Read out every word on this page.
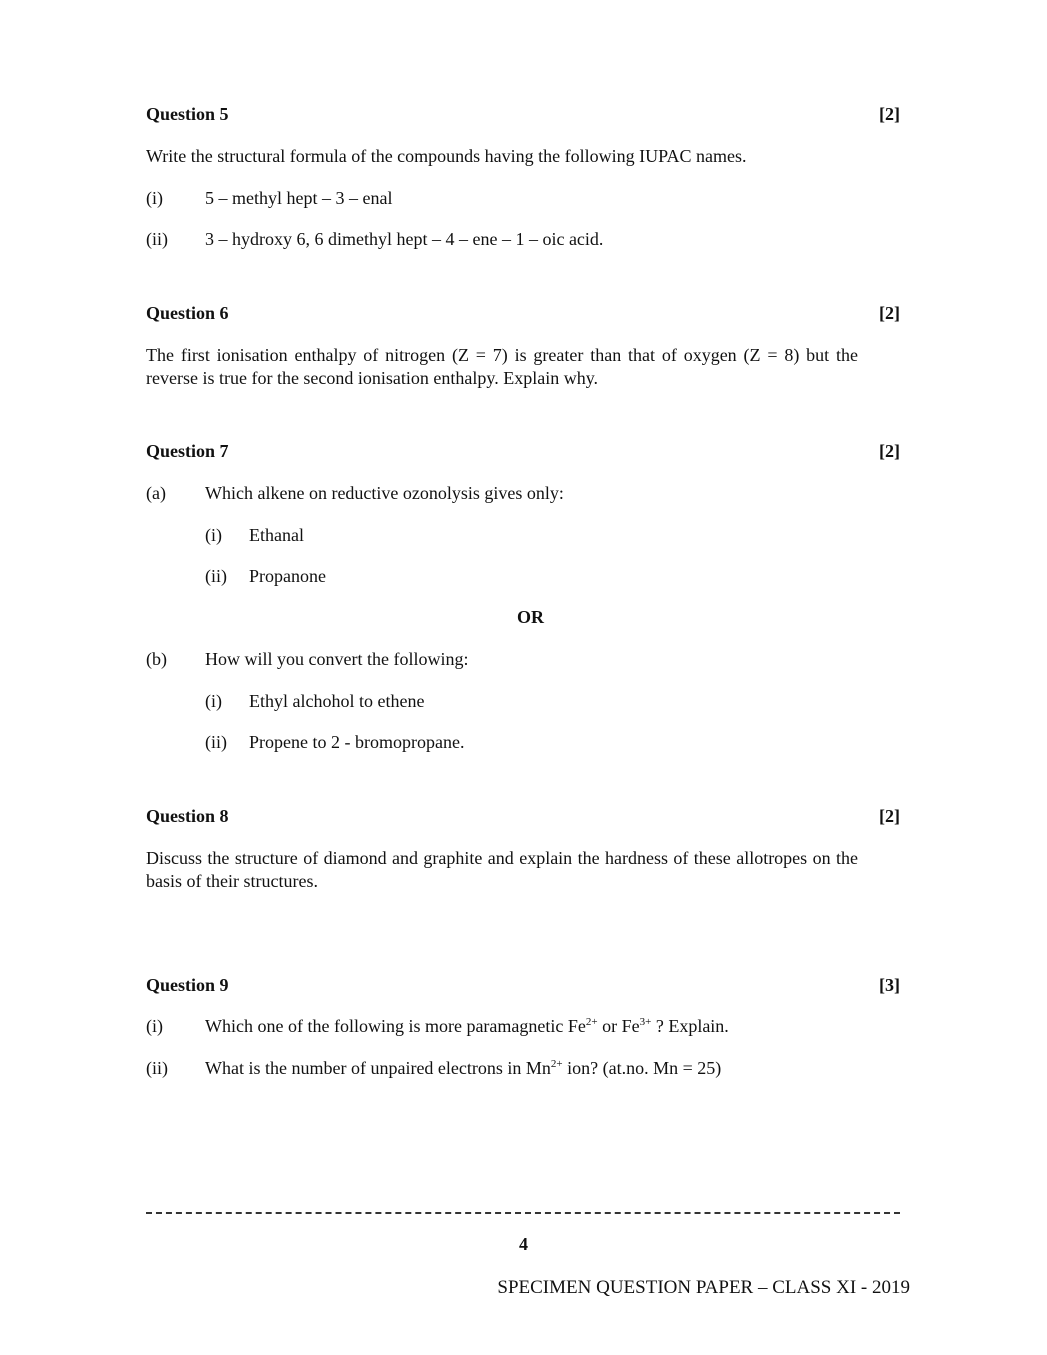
Question 5	[2]
Write the structural formula of the compounds having the following IUPAC names.
(i) 5 – methyl hept – 3 – enal
(ii) 3 – hydroxy 6, 6 dimethyl hept – 4 – ene – 1 – oic acid.
Question 6	[2]
The first ionisation enthalpy of nitrogen (Z = 7) is greater than that of oxygen (Z = 8) but the reverse is true for the second ionisation enthalpy. Explain why.
Question 7	[2]
(a) Which alkene on reductive ozonolysis gives only:
(i) Ethanal
(ii) Propanone
OR
(b) How will you convert the following:
(i) Ethyl alchohol to ethene
(ii) Propene to 2 - bromopropane.
Question 8	[2]
Discuss the structure of diamond and graphite and explain the hardness of these allotropes on the basis of their structures.
Question 9	[3]
(i) Which one of the following is more paramagnetic $Fe^{2+}$ or $Fe^{3+}$ ? Explain.
(ii) What is the number of unpaired electrons in $Mn^{2+}$ ion? (at.no. Mn = 25)
4
SPECIMEN QUESTION PAPER – CLASS XI - 2019
